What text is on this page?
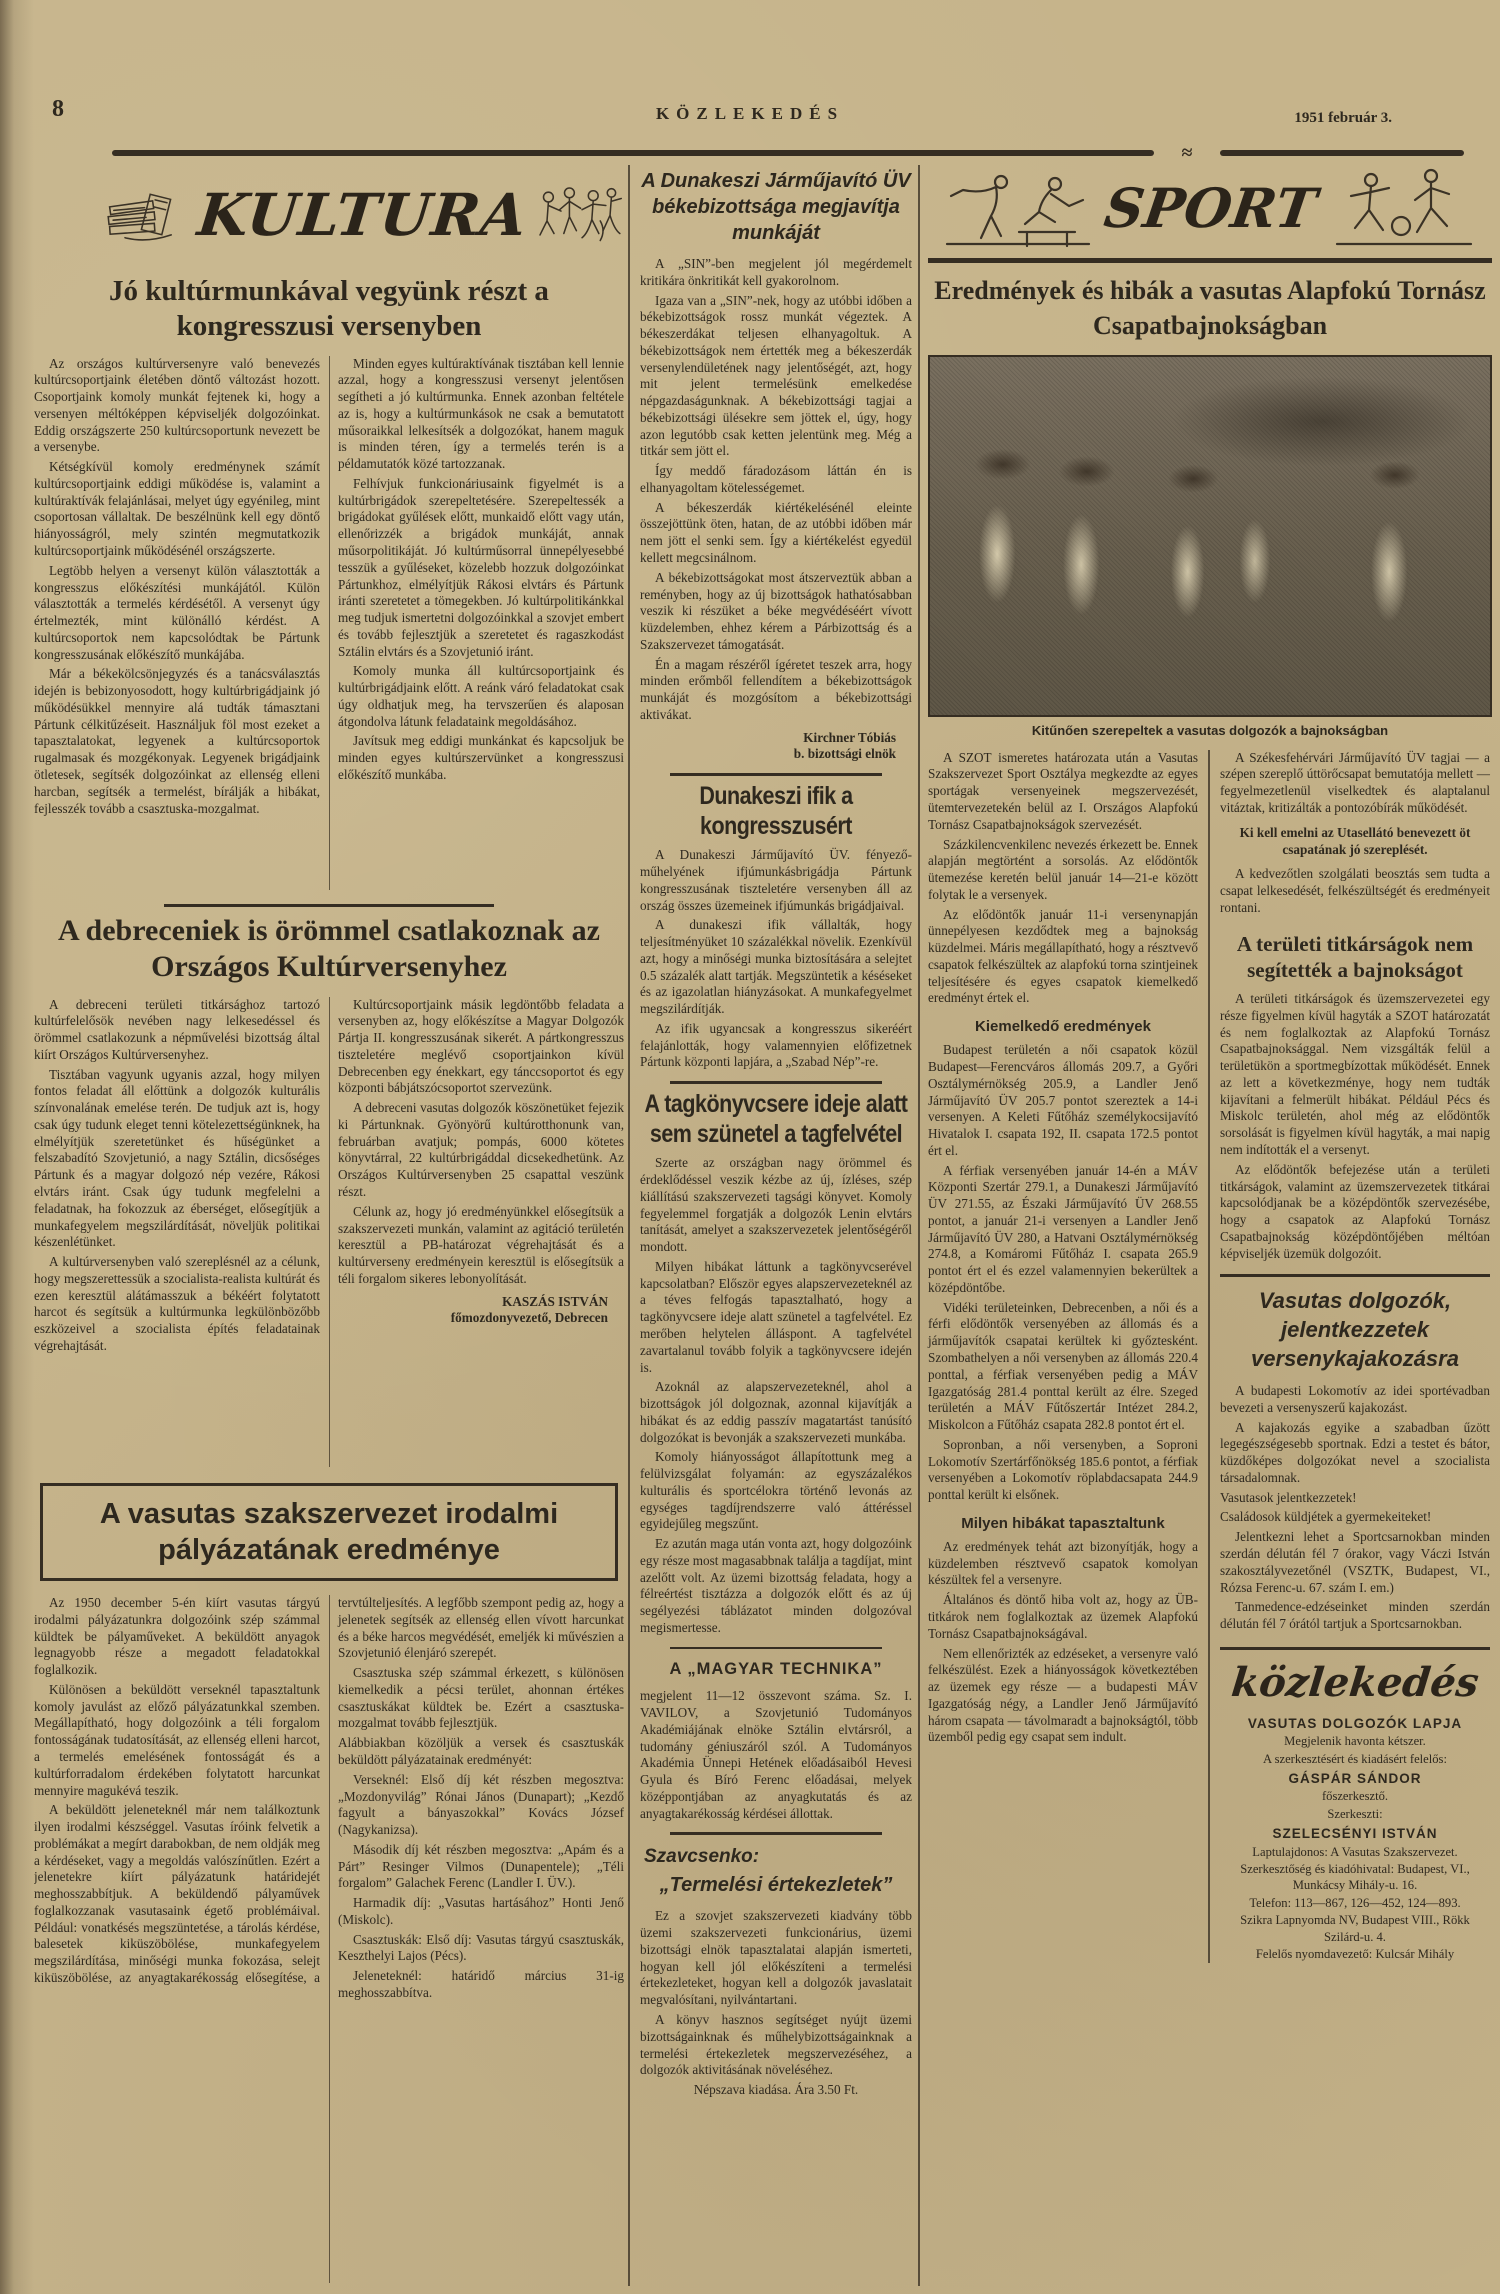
8	KÖZLEKEDÉS	1951 február 3.
≈
KULTURA
Jó kultúrmunkával vegyünk részt a kongresszusi versenyben
Az országos kultúrversenyre való benevezés kultúrcsoportjaink életében döntő változást hozott. Csoportjaink komoly munkát fejtenek ki, hogy a versenyen méltóképpen képviseljék dolgozóinkat. Eddig országszerte 250 kultúrcsoportunk nevezett be a versenybe.
Kétségkívül komoly eredménynek számít kultúrcsoportjaink eddigi működése is, valamint a kultúraktívák felajánlásai, melyet úgy egyénileg, mint csoportosan vállaltak. De beszélnünk kell egy döntő hiányosságról, mely szintén megmutatkozik kultúrcsoportjaink működésénél országszerte.
Legtöbb helyen a versenyt külön választották a kongresszus előkészítési munkájától. Külön választották a termelés kérdésétől. A versenyt úgy értelmezték, mint különálló kérdést. A kultúrcsoportok nem kapcsolódtak be Pártunk kongresszusának előkészítő munkájába.
Már a békekölcsönjegyzés és a tanácsválasztás idején is bebizonyosodott, hogy kultúrbrigádjaink jó működésükkel mennyire alá tudták támasztani Pártunk célkitűzéseit. Használjuk föl most ezeket a tapasztalatokat, legyenek a kultúrcsoportok rugalmasak és mozgékonyak. Legyenek brigádjaink ötletesek, segítsék dolgozóinkat az ellenség elleni harcban, segítsék a termelést, bírálják a hibákat, fejlesszék tovább a csasztuska-mozgalmat.
Minden egyes kultúraktívának tisztában kell lennie azzal, hogy a kongresszusi versenyt jelentősen segítheti a jó kultúrmunka. Ennek azonban feltétele az is, hogy a kultúrmunkások ne csak a bemutatott műsoraikkal lelkesítsék a dolgozókat, hanem maguk is minden téren, így a termelés terén is a példamutatók közé tartozzanak.
Felhívjuk funkcionáriusaink figyelmét is a kultúrbrigádok szerepeltetésére. Szerepeltessék a brigádokat gyűlések előtt, munkaidő előtt vagy után, ellenőrizzék a brigádok munkáját, annak műsorpolitikáját. Jó kultúrműsorral ünnepélyesebbé tesszük a gyűléseket, közelebb hozzuk dolgozóinkat Pártunkhoz, elmélyítjük Rákosi elvtárs és Pártunk iránti szeretetet a tömegekben. Jó kultúrpolitikánkkal meg tudjuk ismertetni dolgozóinkkal a szovjet embert és tovább fejlesztjük a szeretetet és ragaszkodást Sztálin elvtárs és a Szovjetunió iránt.
Komoly munka áll kultúrcsoportjaink és kultúrbrigádjaink előtt. A reánk váró feladatokat csak úgy oldhatjuk meg, ha tervszerűen és alaposan átgondolva látunk feladataink megoldásához.
Javítsuk meg eddigi munkánkat és kapcsoljuk be minden egyes kultúrszervünket a kongresszusi előkészítő munkába.
A debreceniek is örömmel csatlakoznak az Országos Kultúrversenyhez
A debreceni területi titkársághoz tartozó kultúrfelelősök nevében nagy lelkesedéssel és örömmel csatlakozunk a népművelési bizottság által kiírt Országos Kultúrversenyhez.
Tisztában vagyunk ugyanis azzal, hogy milyen fontos feladat áll előttünk a dolgozók kulturális színvonalának emelése terén. De tudjuk azt is, hogy csak úgy tudunk eleget tenni kötelezettségünknek, ha elmélyítjük szeretetünket és hűségünket a felszabadító Szovjetunió, a nagy Sztálin, dicsőséges Pártunk és a magyar dolgozó nép vezére, Rákosi elvtárs iránt. Csak úgy tudunk megfelelni a feladatnak, ha fokozzuk az éberséget, elősegítjük a munkafegyelem megszilárdítását, növeljük politikai készenlétünket.
A kultúrversenyben való szereplésnél az a célunk, hogy megszerettessük a szocialista-realista kultúrát és ezen keresztül alátámasszuk a békéért folytatott harcot és segítsük a kultúrmunka legkülönbözőbb eszközeivel a szocialista építés feladatainak végrehajtását.
Kultúrcsoportjaink másik legdöntőbb feladata a versenyben az, hogy előkészítse a Magyar Dolgozók Pártja II. kongresszusának sikerét. A pártkongresszus tiszteletére meglévő csoportjainkon kívül Debrecenben egy énekkart, egy tánccsoportot és egy központi bábjátszócsoportot szervezünk.
A debreceni vasutas dolgozók köszönetüket fejezik ki Pártunknak. Gyönyörű kultúrotthonunk van, februárban avatjuk; pompás, 6000 kötetes könyvtárral, 22 kultúrbrigáddal dicsekedhetünk. Az Országos Kultúrversenyben 25 csapattal veszünk részt.
Célunk az, hogy jó eredményünkkel elősegítsük a szakszervezeti munkán, valamint az agitáció területén keresztül a PB-határozat végrehajtását és a kultúrverseny eredményein keresztül is elősegítsük a téli forgalom sikeres lebonyolítását.
KASZÁS ISTVÁN
főmozdonyvezető, Debrecen
A vasutas szakszervezet irodalmi pályázatának eredménye
Az 1950 december 5-én kiírt vasutas tárgyú irodalmi pályázatunkra dolgozóink szép számmal küldtek be pályaműveket. A beküldött anyagok legnagyobb része a megadott feladatokkal foglalkozik.
Különösen a beküldött verseknél tapasztaltunk komoly javulást az előző pályázatunkkal szemben. Megállapítható, hogy dolgozóink a téli forgalom fontosságának tudatosítását, az ellenség elleni harcot, a termelés emelésének fontosságát és a kultúrforradalom érdekében folytatott harcunkat mennyire magukévá teszik.
A beküldött jeleneteknél már nem találkoztunk ilyen irodalmi készséggel. Vasutas íróink felvetik a problémákat a megírt darabokban, de nem oldják meg a kérdéseket, vagy a megoldás valószínűtlen. Ezért a jelenetekre kiírt pályázatunk határidejét meghosszabbítjuk. A beküldendő pályaművek foglalkozzanak vasutasaink égető problémáival. Például: vonatkésés megszüntetése, a tárolás kérdése, balesetek kiküszöbölése, munkafegyelem megszilárdítása, minőségi munka fokozása, selejt kiküszöbölése, az anyagtakarékosság elősegítése, a tervtúlteljesítés. A legfőbb szempont pedig az, hogy a jelenetek segítsék az ellenség ellen vívott harcunkat és a béke harcos megvédését, emeljék ki művészien a Szovjetunió élenjáró szerepét.
Csasztuska szép számmal érkezett, s különösen kiemelkedik a pécsi terület, ahonnan értékes csasztuskákat küldtek be. Ezért a csasztuska-mozgalmat tovább fejlesztjük.
Alábbiakban közöljük a versek és csasztuskák beküldött pályázatainak eredményét:
Verseknél: Első díj két részben megosztva: „Mozdonyvilág” Rónai János (Dunapart); „Kezdő fagyult a bányaszokkal” Kovács József (Nagykanizsa).
Második díj két részben megosztva: „Apám és a Párt” Resinger Vilmos (Dunapentele); „Téli forgalom” Galachek Ferenc (Landler I. ÜV.).
Harmadik díj: „Vasutas hartásához” Honti Jenő (Miskolc).
Csasztuskák: Első díj: Vasutas tárgyú csasztuskák, Keszthelyi Lajos (Pécs).
Jeleneteknél: határidő március 31-ig meghosszabbítva.
A Dunakeszi Járműjavító ÜV békebizottsága megjavítja munkáját
A „SIN”-ben megjelent jól megérdemelt kritikára önkritikát kell gyakorolnom.
Igaza van a „SIN”-nek, hogy az utóbbi időben a békebizottságok rossz munkát végeztek. A békeszerdákat teljesen elhanyagoltuk. A békebizottságok nem értették meg a békeszerdák versenylendületének nagy jelentőségét, azt, hogy mit jelent termelésünk emelkedése népgazdaságunknak. A békebizottsági tagjai a békebizottsági ülésekre sem jöttek el, úgy, hogy azon legutóbb csak ketten jelentünk meg. Még a titkár sem jött el.
Így meddő fáradozásom láttán én is elhanyagoltam kötelességemet.
A békeszerdák kiértékelésénél eleinte összejöttünk öten, hatan, de az utóbbi időben már nem jött el senki sem. Így a kiértékelést egyedül kellett megcsinálnom.
A békebizottságokat most átszerveztük abban a reményben, hogy az új bizottságok hathatósabban veszik ki részüket a béke megvédéséért vívott küzdelemben, ehhez kérem a Párbizottság és a Szakszervezet támogatását.
Én a magam részéről ígéretet teszek arra, hogy minden erőmből fellendítem a békebizottságok munkáját és mozgósítom a békebizottsági aktivákat.
Kirchner Tóbiás
b. bizottsági elnök
Dunakeszi ifik a kongresszusért
A Dunakeszi Járműjavító ÜV. fényező-műhelyének ifjúmunkásbrigádja Pártunk kongresszusának tiszteletére versenyben áll az ország összes üzemeinek ifjúmunkás brigádjaival.
A dunakeszi ifik vállalták, hogy teljesítményüket 10 százalékkal növelik. Ezenkívül azt, hogy a minőségi munka biztosítására a selejtet 0.5 százalék alatt tartják. Megszüntetik a késéseket és az igazolatlan hiányzásokat. A munkafegyelmet megszilárdítják.
Az ifik ugyancsak a kongresszus sikeréért felajánlották, hogy valamennyien előfizetnek Pártunk központi lapjára, a „Szabad Nép”-re.
A tagkönyvcsere ideje alatt sem szünetel a tagfelvétel
Szerte az országban nagy örömmel és érdeklődéssel veszik kézbe az új, ízléses, szép kiállítású szakszervezeti tagsági könyvet. Komoly fegyelemmel forgatják a dolgozók Lenin elvtárs tanítását, amelyet a szakszervezetek jelentőségéről mondott.
Milyen hibákat láttunk a tagkönyvcserével kapcsolatban? Először egyes alapszervezeteknél az a téves felfogás tapasztalható, hogy a tagkönyvcsere ideje alatt szünetel a tagfelvétel. Ez merőben helytelen álláspont. A tagfelvétel zavartalanul tovább folyik a tagkönyvcsere idején is.
Azoknál az alapszervezeteknél, ahol a bizottságok jól dolgoznak, azonnal kijavítják a hibákat és az eddig passzív magatartást tanúsító dolgozókat is bevonják a szakszervezeti munkába.
Komoly hiányosságot állapítottunk meg a felülvizsgálat folyamán: az egyszázalékos kulturális és sportcélokra történő levonás az egységes tagdíjrendszerre való áttéréssel egyidejűleg megszűnt.
Ez azután maga után vonta azt, hogy dolgozóink egy része most magasabbnak találja a tagdíjat, mint azelőtt volt. Az üzemi bizottság feladata, hogy a félreértést tisztázza a dolgozók előtt és az új segélyezési táblázatot minden dolgozóval megismertesse.
A „MAGYAR TECHNIKA”
megjelent 11—12 összevont száma. Sz. I. VAVILOV, a Szovjetunió Tudományos Akadémiájának elnöke Sztálin elvtársról, a tudomány géniuszáról szól. A Tudományos Akadémia Ünnepi Hetének előadásaiból Hevesi Gyula és Bíró Ferenc előadásai, melyek középpontjában az anyagkutatás és az anyagtakarékosság kérdései állottak.
Szavcsenko:
„Termelési értekezletek”
Ez a szovjet szakszervezeti kiadvány több üzemi szakszervezeti funkcionárius, üzemi bizottsági elnök tapasztalatai alapján ismerteti, hogyan kell jól előkészíteni a termelési értekezleteket, hogyan kell a dolgozók javaslatait megvalósítani, nyilvántartani.
A könyv hasznos segítséget nyújt üzemi bizottságainknak és műhelybizottságainknak a termelési értekezletek megszervezéséhez, a dolgozók aktivitásának növeléséhez.
Népszava kiadása. Ára 3.50 Ft.
SPORT
Eredmények és hibák a vasutas Alapfokú Tornász Csapatbajnokságban
Kitűnően szerepeltek a vasutas dolgozók a bajnokságban
A SZOT ismeretes határozata után a Vasutas Szakszervezet Sport Osztálya megkezdte az egyes sportágak versenyeinek megszervezését, ütemtervezetekén belül az I. Országos Alapfokú Tornász Csapatbajnokságok szervezését.
Százkilencvenkilenc nevezés érkezett be. Ennek alapján megtörtént a sorsolás. Az elődöntők ütemezése keretén belül január 14—21-e között folytak le a versenyek.
Az elődöntők január 11-i versenynapján ünnepélyesen kezdődtek meg a bajnokság küzdelmei. Máris megállapítható, hogy a résztvevő csapatok felkészültek az alapfokú torna szintjeinek teljesítésére és egyes csapatok kiemelkedő eredményt értek el.
Kiemelkedő eredmények
Budapest területén a női csapatok közül Budapest—Ferencváros állomás 209.7, a Győri Osztálymérnökség 205.9, a Landler Jenő Járműjavító ÜV 205.7 pontot szereztek a 14-i versenyen. A Keleti Fűtőház személykocsijavító Hivatalok I. csapata 192, II. csapata 172.5 pontot ért el.
A férfiak versenyében január 14-én a MÁV Központi Szertár 279.1, a Dunakeszi Járműjavító ÜV 271.55, az Északi Járműjavító ÜV 268.55 pontot, a január 21-i versenyen a Landler Jenő Járműjavító ÜV 280, a Hatvani Osztálymérnökség 274.8, a Komáromi Fűtőház I. csapata 265.9 pontot ért el és ezzel valamennyien bekerültek a középdöntőbe.
Vidéki területeinken, Debrecenben, a női és a férfi elődöntők versenyében az állomás és a járműjavítók csapatai kerültek ki győztesként. Szombathelyen a női versenyben az állomás 220.4 ponttal, a férfiak versenyében pedig a MÁV Igazgatóság 281.4 ponttal került az élre. Szeged területén a MÁV Fűtőszertár Intézet 284.2, Miskolcon a Fűtőház csapata 282.8 pontot ért el.
Sopronban, a női versenyben, a Soproni Lokomotív Szertárfőnökség 185.6 pontot, a férfiak versenyében a Lokomotív röplabdacsapata 244.9 ponttal került ki elsőnek.
Milyen hibákat tapasztaltunk
Az eredmények tehát azt bizonyítják, hogy a küzdelemben résztvevő csapatok komolyan készültek fel a versenyre.
Általános és döntő hiba volt az, hogy az ÜB-titkárok nem foglalkoztak az üzemek Alapfokú Tornász Csapatbajnokságával.
Nem ellenőrizték az edzéseket, a versenyre való felkészülést. Ezek a hiányosságok következtében az üzemek egy része — a budapesti MÁV Igazgatóság négy, a Landler Jenő Járműjavító három csapata — távolmaradt a bajnokságtól, több üzemből pedig egy csapat sem indult.
A Székesfehérvári Járműjavító ÜV tagjai — a szépen szereplő úttörőcsapat bemutatója mellett — fegyelmezetlenül viselkedtek és alaptalanul vitáztak, kritizálták a pontozóbírák működését.
Ki kell emelni az Utasellátó benevezett öt csapatának jó szereplését.
A kedvezőtlen szolgálati beosztás sem tudta a csapat lelkesedését, felkészültségét és eredményeit rontani.
A területi titkárságok nem segítették a bajnokságot
A területi titkárságok és üzemszervezetei egy része figyelmen kívül hagyták a SZOT határozatát és nem foglalkoztak az Alapfokú Tornász Csapatbajnoksággal. Nem vizsgálták felül a területükön a sportmegbízottak működését. Ennek az lett a következménye, hogy nem tudták kijavítani a felmerült hibákat. Például Pécs és Miskolc területén, ahol még az elődöntők sorsolását is figyelmen kívül hagyták, a mai napig nem indították el a versenyt.
Az elődöntők befejezése után a területi titkárságok, valamint az üzemszervezetek titkárai kapcsolódjanak be a középdöntők szervezésébe, hogy a csapatok az Alapfokú Tornász Csapatbajnokság középdöntőjében méltóan képviseljék üzemük dolgozóit.
Vasutas dolgozók, jelentkezzetek versenykajakozásra
A budapesti Lokomotív az idei sportévadban bevezeti a versenyszerű kajakozást.
A kajakozás egyike a szabadban űzött legegészségesebb sportnak. Edzi a testet és bátor, küzdőképes dolgozókat nevel a szocialista társadalomnak.
Vasutasok jelentkezzetek!
Családosok küldjétek a gyermekeiteket!
Jelentkezni lehet a Sportcsarnokban minden szerdán délután fél 7 órakor, vagy Váczi István szakosztályvezetőnél (VSZTK, Budapest, VI., Rózsa Ferenc-u. 67. szám I. em.)
Tanmedence-edzéseinket minden szerdán délután fél 7 órától tartjuk a Sportcsarnokban.
közlekedés
VASUTAS DOLGOZÓK LAPJA
Megjelenik havonta kétszer.
A szerkesztésért és kiadásért felelős:
GÁSPÁR SÁNDOR
főszerkesztő.
Szerkeszti:
SZELECSÉNYI ISTVÁN
Laptulajdonos: A Vasutas Szakszervezet.
Szerkesztőség és kiadóhivatal: Budapest, VI., Munkácsy Mihály-u. 16.
Telefon: 113—867, 126—452, 124—893.
Szikra Lapnyomda NV, Budapest VIII., Rökk Szilárd-u. 4.
Felelős nyomdavezető: Kulcsár Mihály
